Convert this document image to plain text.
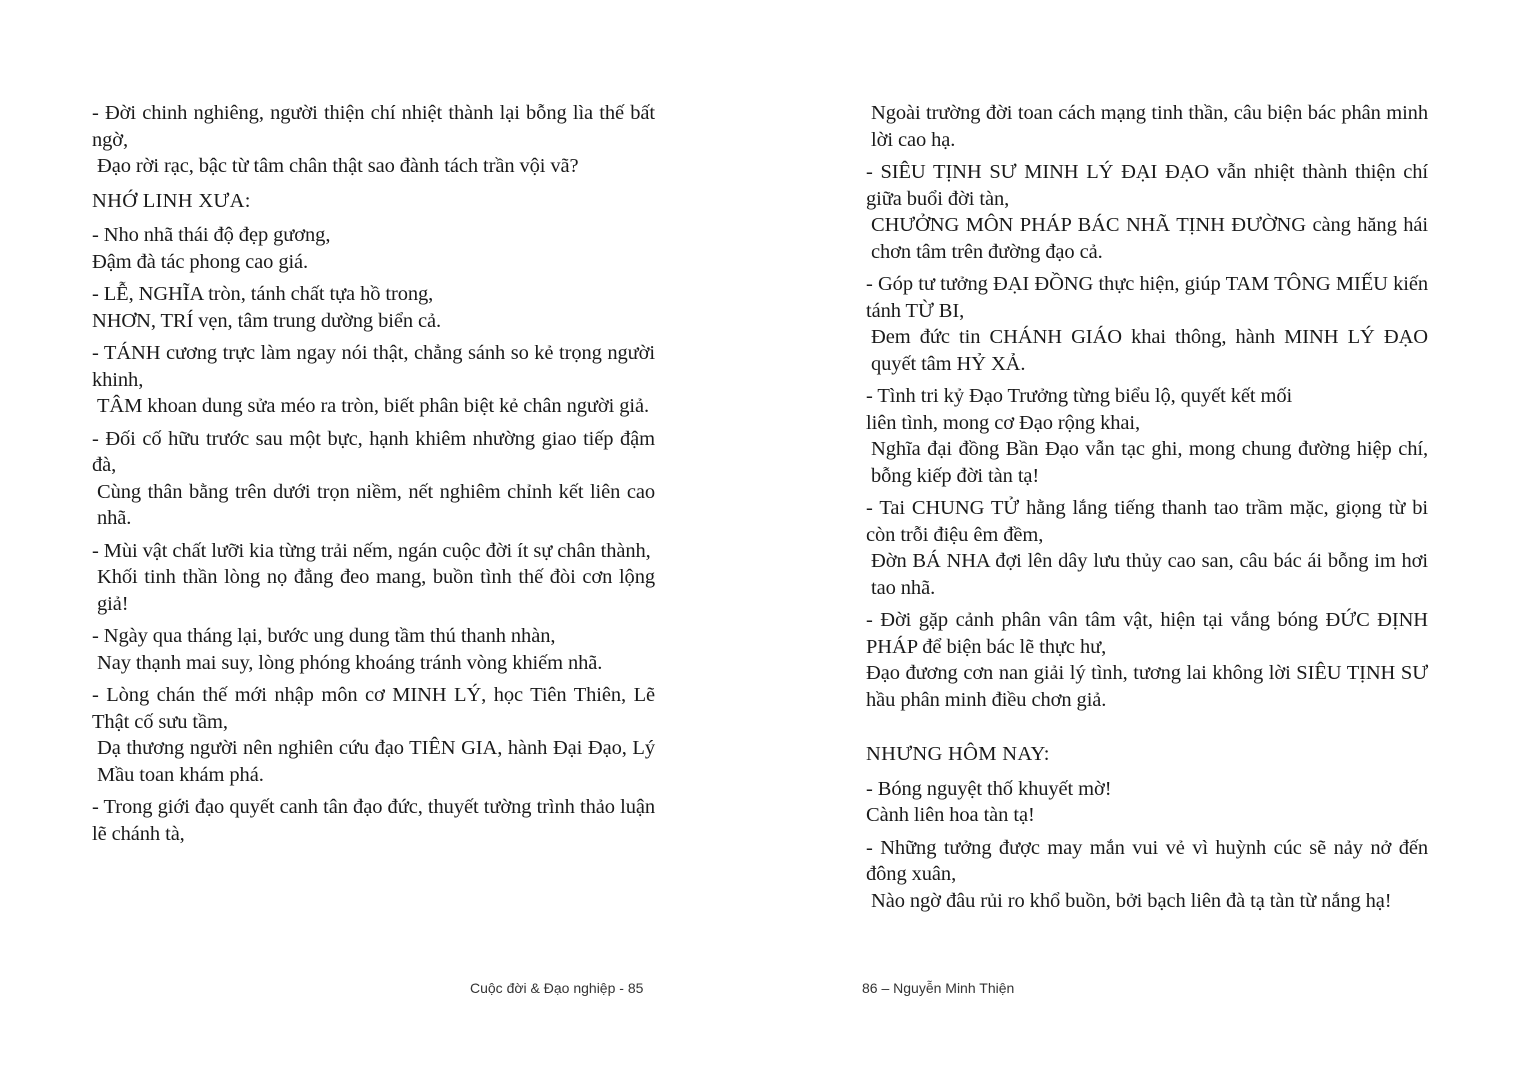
- Đời chinh nghiêng, người thiện chí nhiệt thành lại bỗng lìa thế bất ngờ,
Đạo rời rạc, bậc từ tâm chân thật sao đành tách trần vội vã?

NHỚ LINH XƯA:

- Nho nhã thái độ đẹp gương,
Đậm đà tác phong cao giá.

- LỄ, NGHĨA tròn, tánh chất tựa hồ trong,
NHƠN, TRÍ vẹn, tâm trung dường biển cả.

- TÁNH cương trực làm ngay nói thật, chẳng sánh so kẻ trọng người khinh,
TÂM khoan dung sửa méo ra tròn, biết phân biệt kẻ chân người giả.

- Đối cố hữu trước sau một bực, hạnh khiêm nhường giao tiếp đậm đà,
Cùng thân bằng trên dưới trọn niềm, nết nghiêm chỉnh kết liên cao nhã.

- Mùi vật chất lưỡi kia từng trải nếm, ngán cuộc đời ít sự chân thành,
Khối tinh thần lòng nọ đẳng đeo mang, buồn tình thế đòi cơn lộng giả!

- Ngày qua tháng lại, bước ung dung tầm thú thanh nhàn,
Nay thạnh mai suy, lòng phóng khoáng tránh vòng khiếm nhã.

- Lòng chán thế mới nhập môn cơ MINH LÝ, học Tiên Thiên, Lẽ Thật cố sưu tầm,
Dạ thương người nên nghiên cứu đạo TIÊN GIA, hành Đại Đạo, Lý Mầu toan khám phá.

- Trong giới đạo quyết canh tân đạo đức, thuyết tường trình thảo luận lẽ chánh tà,

Ngoài trường đời toan cách mạng tinh thần, câu biện bác phân minh lời cao hạ.

- SIÊU TỊNH SƯ MINH LÝ ĐẠI ĐẠO vẫn nhiệt thành thiện chí giữa buổi đời tàn,
CHƯỞNG MÔN PHÁP BÁC NHÃ TỊNH ĐƯỜNG càng hăng hái chơn tâm trên đường đạo cả.

- Góp tư tưởng ĐẠI ĐỒNG thực hiện, giúp TAM TÔNG MIẾU kiến tánh TỪ BI,
Đem đức tin CHÁNH GIÁO khai thông, hành MINH LÝ ĐẠO quyết tâm HỶ XẢ.

- Tình tri kỷ Đạo Trưởng từng biểu lộ, quyết kết mối
liên tình, mong cơ Đạo rộng khai,
Nghĩa đại đồng Bần Đạo vẫn tạc ghi, mong chung đường hiệp chí, bỗng kiếp đời tàn tạ!

- Tai CHUNG TỬ hằng lắng tiếng thanh tao trầm mặc, giọng từ bi còn trỗi điệu êm đềm,
Đờn BÁ NHA đợi lên dây lưu thủy cao san, câu bác ái bỗng im hơi tao nhã.

- Đời gặp cảnh phân vân tâm vật, hiện tại vắng bóng ĐỨC ĐỊNH PHÁP để biện bác lẽ thực hư,
Đạo đương cơn nan giải lý tình, tương lai không lời SIÊU TỊNH SƯ hầu phân minh điều chơn giả.

NHƯNG HÔM NAY:

- Bóng nguyệt thố khuyết mờ!
Cành liên hoa tàn tạ!

- Những tưởng được may mắn vui vẻ vì huỳnh cúc sẽ nảy nở đến đông xuân,
Nào ngờ đâu rủi ro khổ buồn, bởi bạch liên đà tạ tàn từ nắng hạ!

Cuộc đời & Đạo nghiệp - 85	86 – Nguyễn Minh Thiện
